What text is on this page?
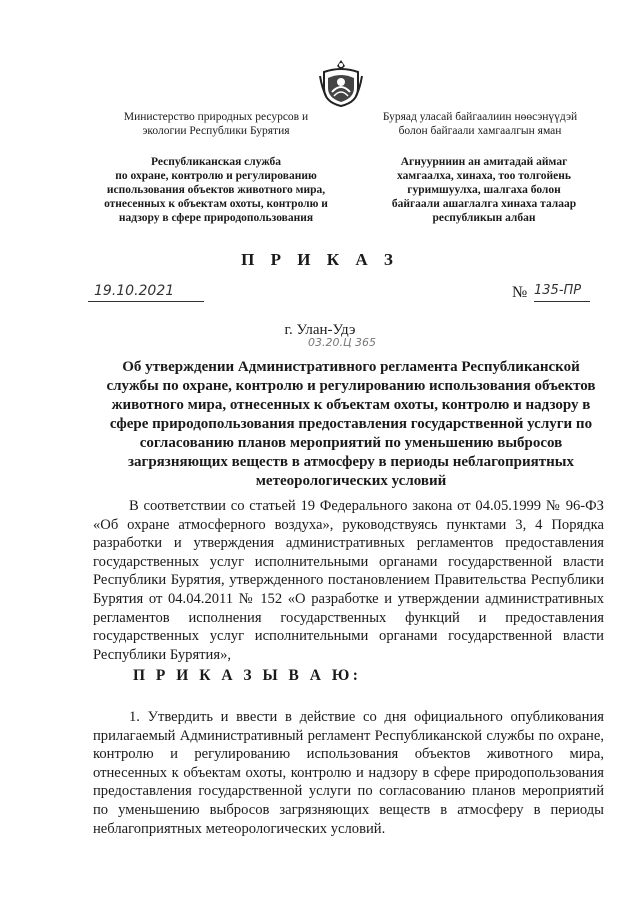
Министерство природных ресурсов и
экологии Республики Бурятия
Буряад уласай байгаалиин нөөсэнүүдэй
болон байгаали хамгаалгын яман
Республиканская служба
по охране, контролю и регулированию
использования объектов животного мира,
отнесенных к объектам охоты, контролю и
надзору в сфере природопользования
Агнуурниин ан амитадай аймаг
хамгаалха, хинаха, тоо толгойень
гуримшуулха, шалгаха болон
байгаали ашаглалга хинаха талаар
республикын албан
П Р И К А З
19.10.2021	№ 135-ПР
г. Улан-Удэ
03.20.Ц 365
Об утверждении Административного регламента Республиканской службы по охране, контролю и регулированию использования объектов животного мира, отнесенных к объектам охоты, контролю и надзору в сфере природопользования предоставления государственной услуги по согласованию планов мероприятий по уменьшению выбросов загрязняющих веществ в атмосферу в периоды неблагоприятных метеорологических условий
В соответствии со статьей 19 Федерального закона от 04.05.1999 № 96-ФЗ «Об охране атмосферного воздуха», руководствуясь пунктами 3, 4 Порядка разработки и утверждения административных регламентов предоставления государственных услуг исполнительными органами государственной власти Республики Бурятия, утвержденного постановлением Правительства Республики Бурятия от 04.04.2011 № 152 «О разработке и утверждении административных регламентов исполнения государственных функций и предоставления государственных услуг исполнительными органами государственной власти Республики Бурятия»,
П Р И К А З Ы В А Ю:
1. Утвердить и ввести в действие со дня официального опубликования прилагаемый Административный регламент Республиканской службы по охране, контролю и регулированию использования объектов животного мира, отнесенных к объектам охоты, контролю и надзору в сфере природопользования предоставления государственной услуги по согласованию планов мероприятий по уменьшению выбросов загрязняющих веществ в атмосферу в периоды неблагоприятных метеорологических условий.
